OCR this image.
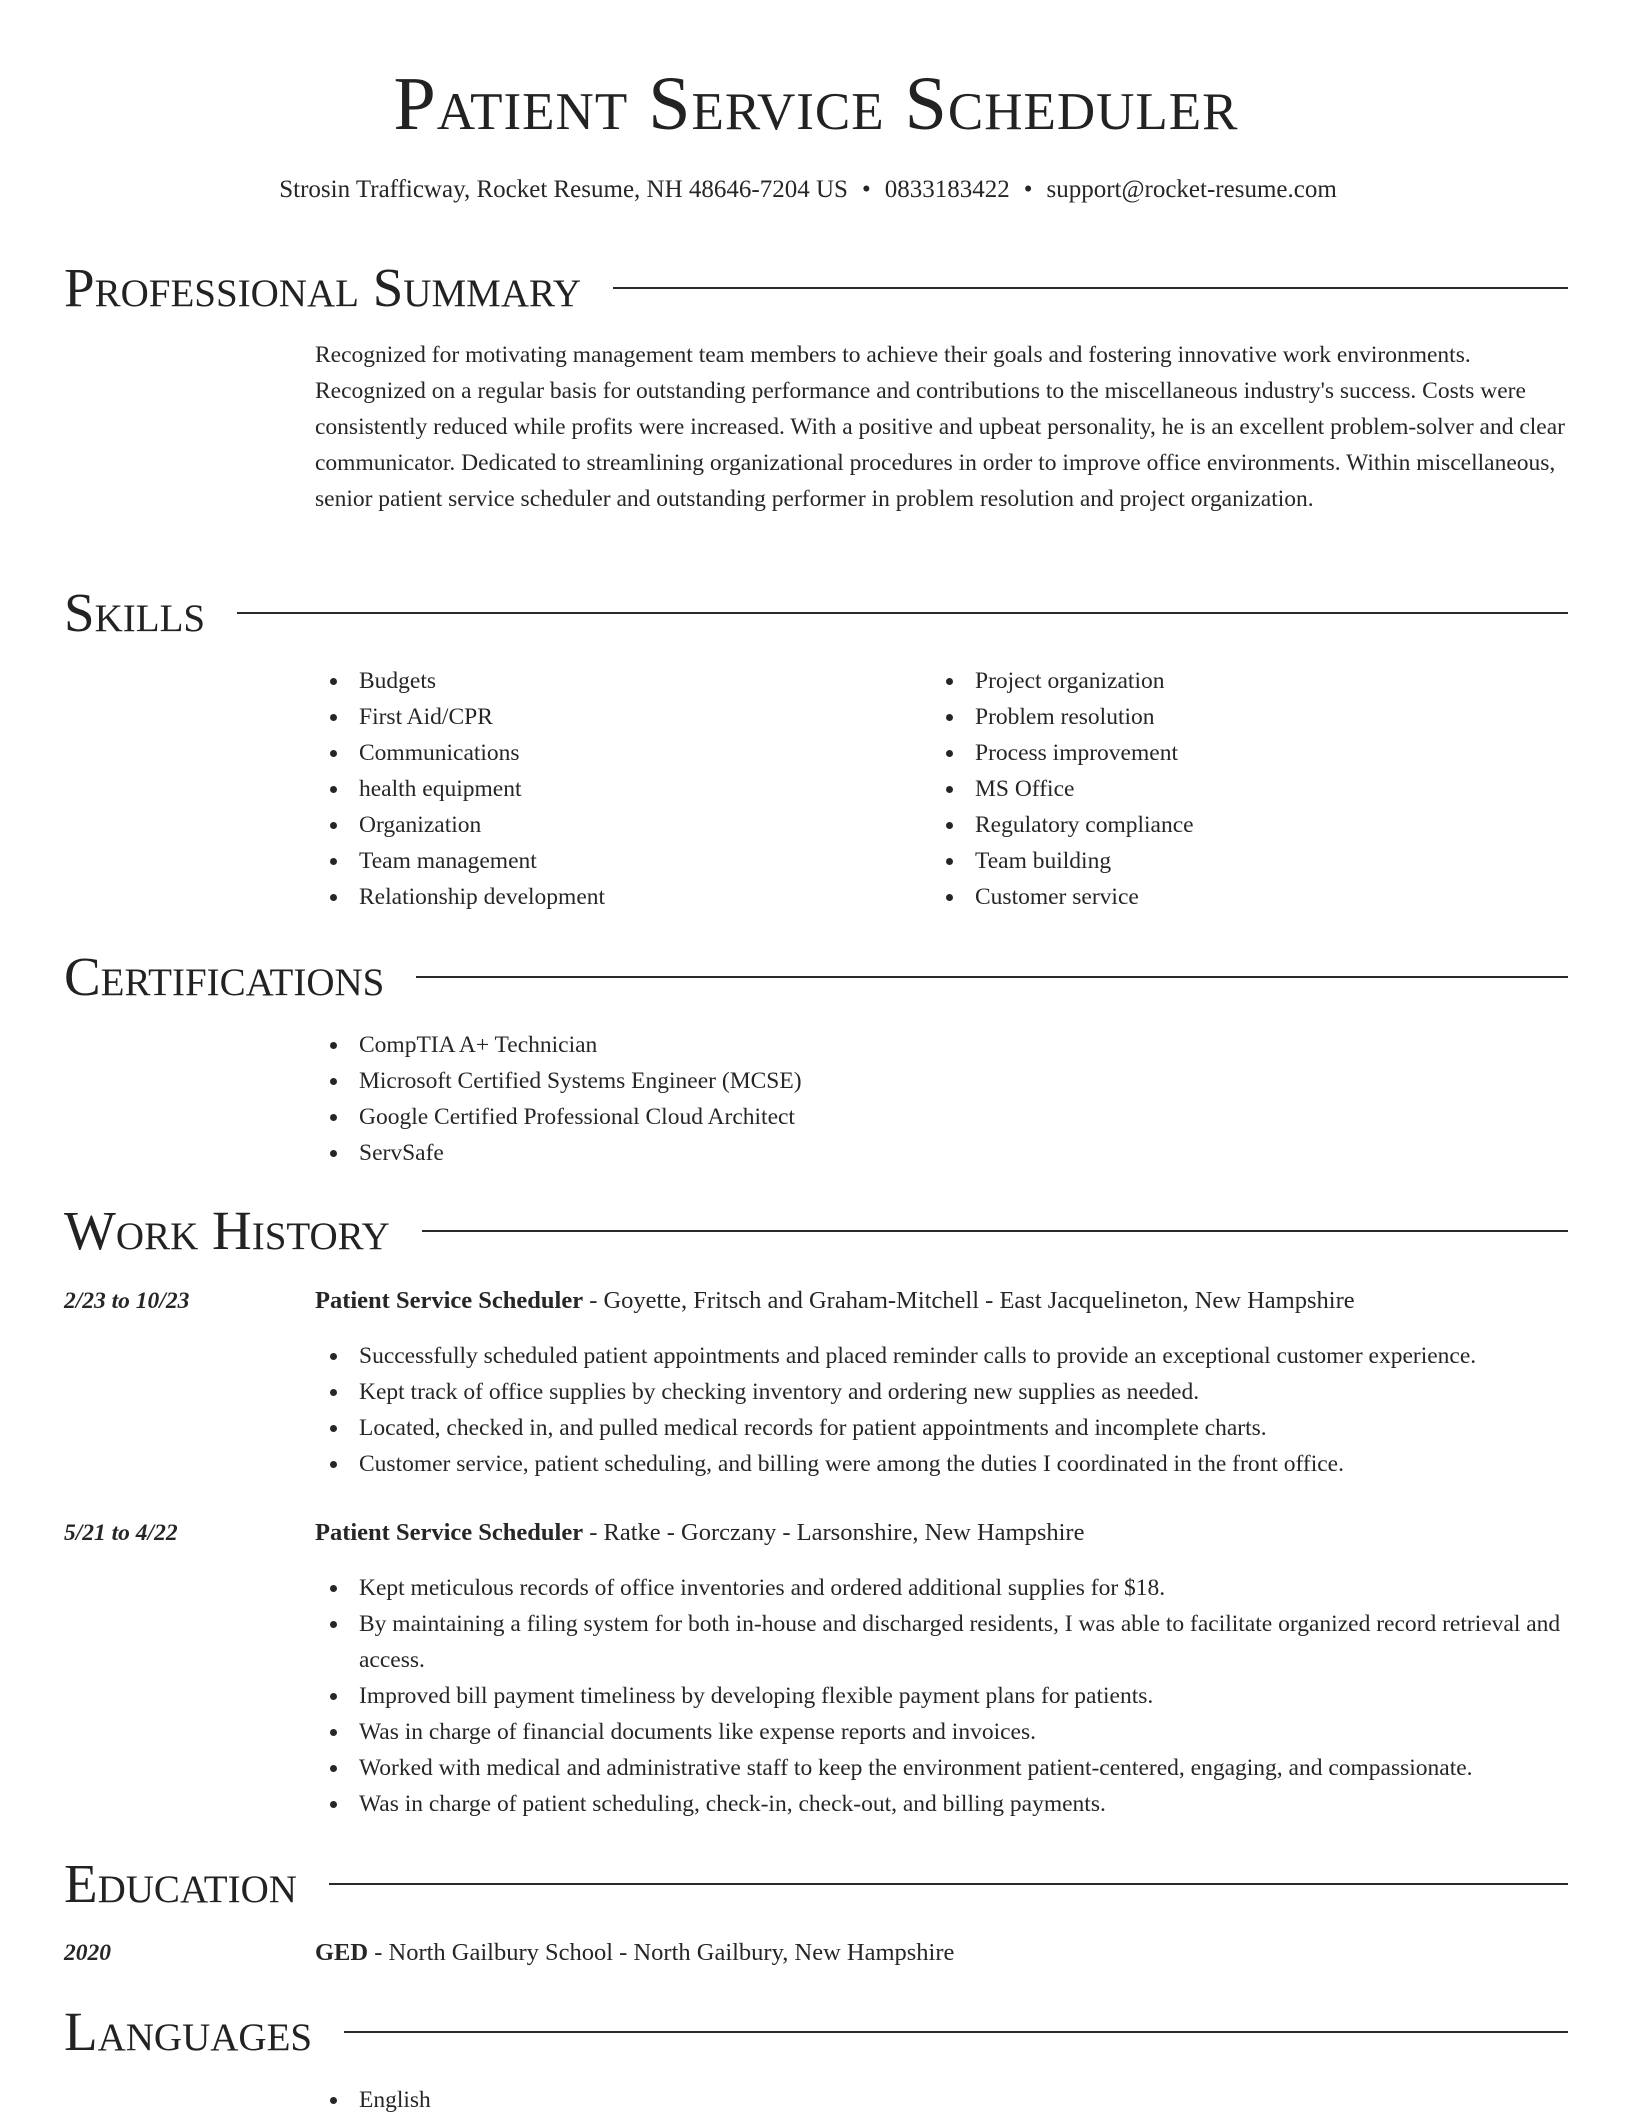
Patient Service Scheduler
Strosin Trafficway, Rocket Resume, NH 48646-7204 US • 0833183422 • support@rocket-resume.com
Professional Summary
Recognized for motivating management team members to achieve their goals and fostering innovative work environments. Recognized on a regular basis for outstanding performance and contributions to the miscellaneous industry's success. Costs were consistently reduced while profits were increased. With a positive and upbeat personality, he is an excellent problem-solver and clear communicator. Dedicated to streamlining organizational procedures in order to improve office environments. Within miscellaneous, senior patient service scheduler and outstanding performer in problem resolution and project organization.
Skills
Budgets
First Aid/CPR
Communications
health equipment
Organization
Team management
Relationship development
Project organization
Problem resolution
Process improvement
MS Office
Regulatory compliance
Team building
Customer service
Certifications
CompTIA A+ Technician
Microsoft Certified Systems Engineer (MCSE)
Google Certified Professional Cloud Architect
ServSafe
Work History
2/23 to 10/23	Patient Service Scheduler - Goyette, Fritsch and Graham-Mitchell - East Jacquelineton, New Hampshire
Successfully scheduled patient appointments and placed reminder calls to provide an exceptional customer experience.
Kept track of office supplies by checking inventory and ordering new supplies as needed.
Located, checked in, and pulled medical records for patient appointments and incomplete charts.
Customer service, patient scheduling, and billing were among the duties I coordinated in the front office.
5/21 to 4/22	Patient Service Scheduler - Ratke - Gorczany - Larsonshire, New Hampshire
Kept meticulous records of office inventories and ordered additional supplies for $18.
By maintaining a filing system for both in-house and discharged residents, I was able to facilitate organized record retrieval and access.
Improved bill payment timeliness by developing flexible payment plans for patients.
Was in charge of financial documents like expense reports and invoices.
Worked with medical and administrative staff to keep the environment patient-centered, engaging, and compassionate.
Was in charge of patient scheduling, check-in, check-out, and billing payments.
Education
2020	GED - North Gailbury School - North Gailbury, New Hampshire
Languages
English
